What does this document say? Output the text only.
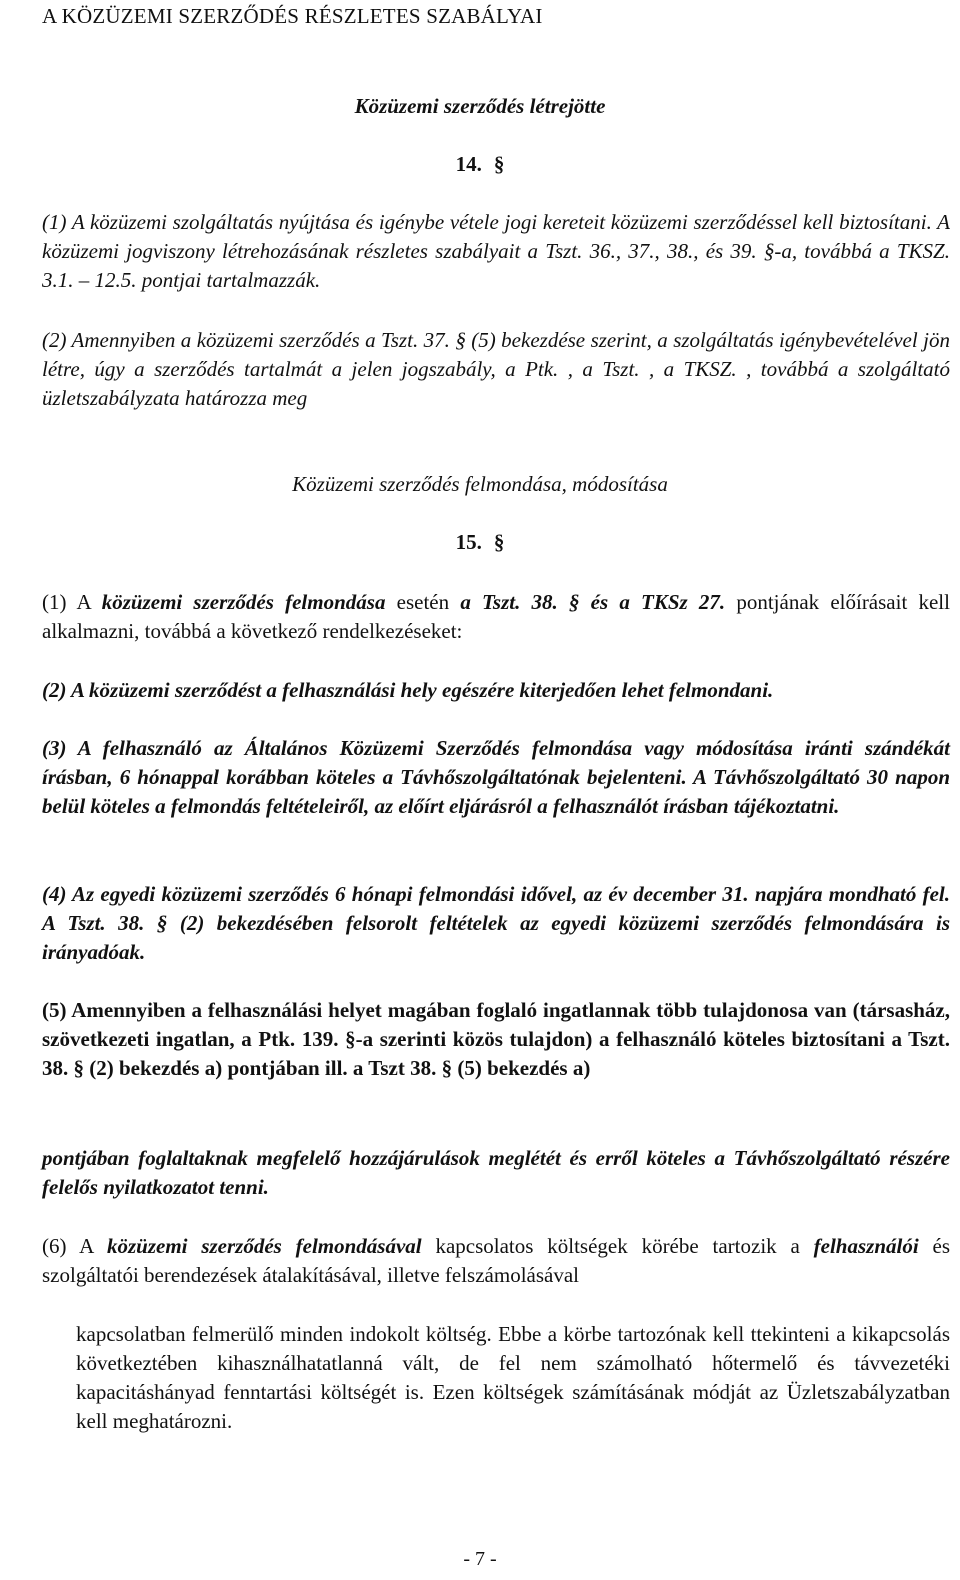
A KÖZÜZEMI SZERZŐDÉS RÉSZLETES SZABÁLYAI
Közüzemi szerződés létrejötte
14. §

(1) A közüzemi szolgáltatás nyújtása és igénybe vétele jogi kereteit közüzemi szerződéssel kell biztosítani. A közüzemi jogviszony létrehozásának részletes szabályait a Tszt. 36., 37., 38., és 39. §-a, továbbá a TKSZ. 3.1. – 12.5. pontjai tartalmazzák.

(2) Amennyiben a közüzemi szerződés a Tszt. 37. § (5) bekezdése szerint, a szolgáltatás igénybevételével jön létre, úgy a szerződés tartalmát a jelen jogszabály, a Ptk. , a Tszt. , a TKSZ. , továbbá a szolgáltató üzletszabályzata határozza meg

Közüzemi szerződés felmondása, módosítása
15. §

(1) A közüzemi szerződés felmondása esetén a Tszt. 38. § és a TKSz 27. pontjának előírásait kell alkalmazni, továbbá a következő rendelkezéseket:

(2) A közüzemi szerződést a felhasználási hely egészére kiterjedően lehet felmondani.

(3) A felhasználó az Általános Közüzemi Szerződés felmondása vagy módosítása iránti szándékát írásban, 6 hónappal korábban köteles a Távhőszolgáltatónak bejelenteni. A Távhőszolgáltató 30 napon belül köteles a felmondás feltételeiről, az előírt eljárásról a felhasználót írásban tájékoztatni.

(4) Az egyedi közüzemi szerződés 6 hónapi felmondási idővel, az év december 31. napjára mondható fel. A Tszt. 38. § (2) bekezdésében felsorolt feltételek az egyedi közüzemi szerződés felmondására is irányadóak.

(5) Amennyiben a felhasználási helyet magában foglaló ingatlannak több tulajdonosa van (társasház, szövetkezeti ingatlan, a Ptk. 139. §-a szerinti közös tulajdon) a felhasználó köteles biztosítani a Tszt. 38. § (2) bekezdés a) pontjában ill. a Tszt 38. § (5) bekezdés a)

pontjában foglaltaknak megfelelő hozzájárulások meglétét és erről köteles a Távhőszolgáltató részére felelős nyilatkozatot tenni.

(6) A közüzemi szerződés felmondásával kapcsolatos költségek körébe tartozik a felhasználói és szolgáltatói berendezések átalakításával, illetve felszámolásával

kapcsolatban felmerülő minden indokolt költség. Ebbe a körbe tartozónak kell ttekinteni a kikapcsolás következtében kihasználhatatlanná vált, de fel nem számolható hőtermelő és távvezetéki kapacitáshányad fenntartási költségét is. Ezen költségek számításának módját az Üzletszabályzatban kell meghatározni.

- 7 -
